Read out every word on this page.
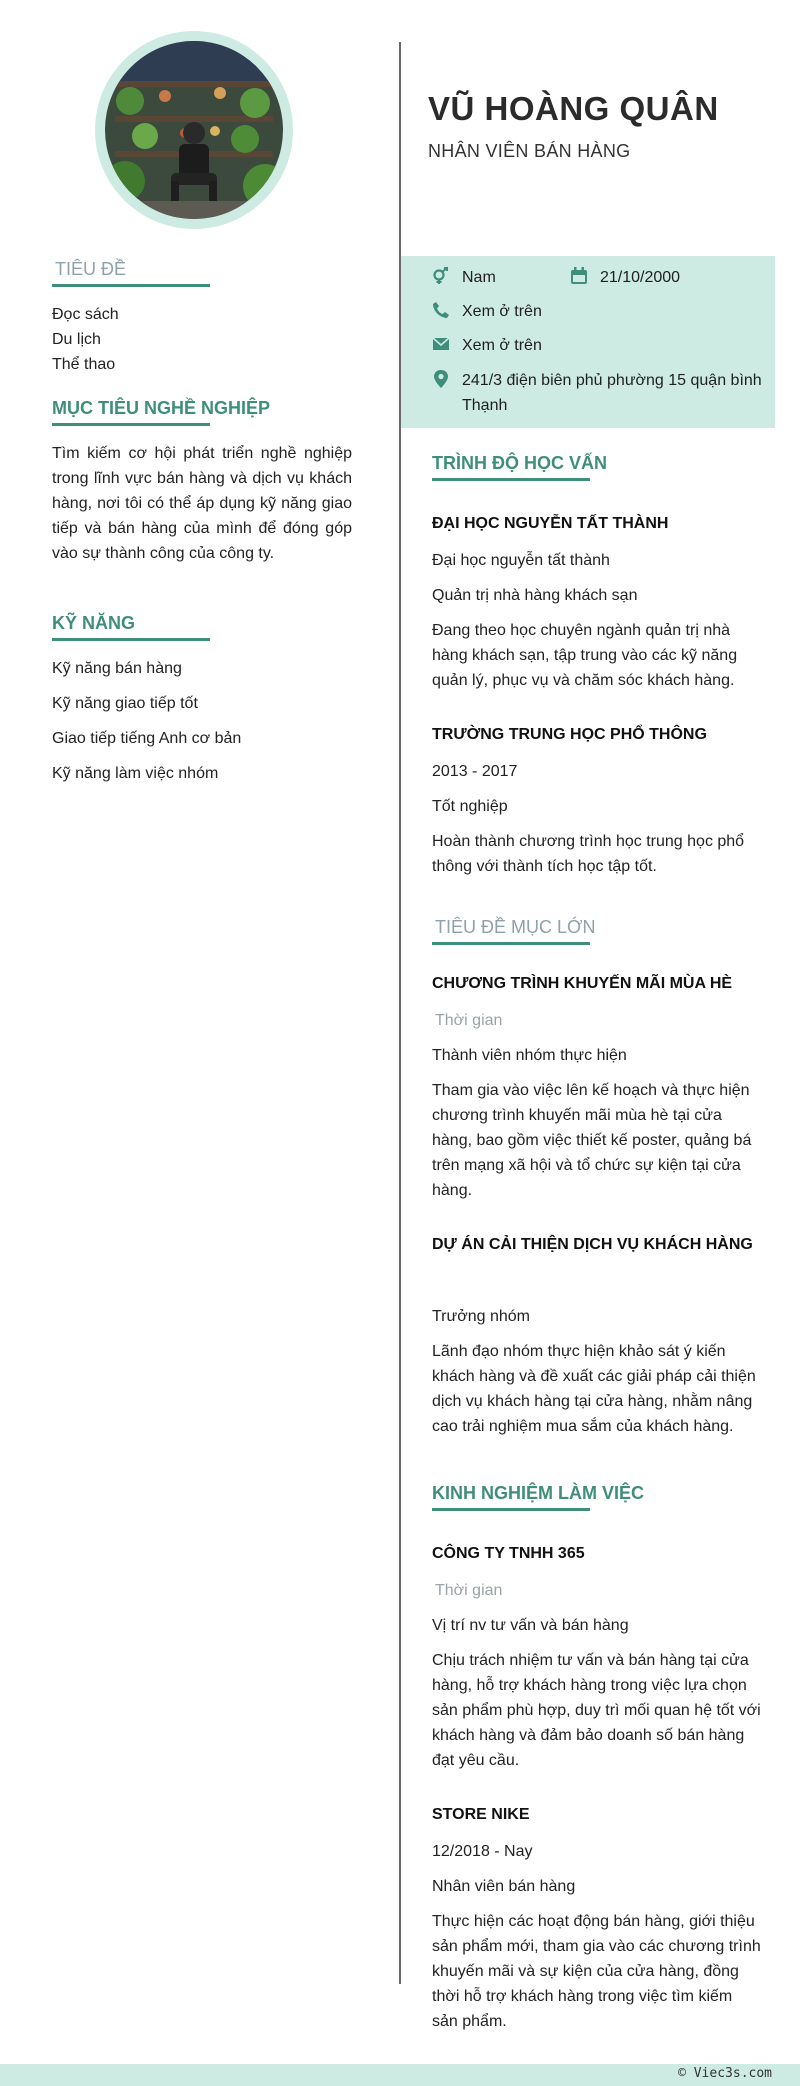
TIÊU ĐỀ
Đọc sách
Du lịch
Thể thao
MỤC TIÊU NGHỀ NGHIỆP
Tìm kiếm cơ hội phát triển nghề nghiệp trong lĩnh vực bán hàng và dịch vụ khách hàng, nơi tôi có thể áp dụng kỹ năng giao tiếp và bán hàng của mình để đóng góp vào sự thành công của công ty.
KỸ NĂNG
Kỹ năng bán hàng
Kỹ năng giao tiếp tốt
Giao tiếp tiếng Anh cơ bản
Kỹ năng làm việc nhóm
VŨ HOÀNG QUÂN
NHÂN VIÊN BÁN HÀNG
Nam	21/10/2000
Xem ở trên
Xem ở trên
241/3 điện biên phủ phường 15 quận bình Thạnh
TRÌNH ĐỘ HỌC VẤN
ĐẠI HỌC NGUYỄN TẤT THÀNH
Đại học nguyễn tất thành
Quản trị nhà hàng khách sạn
Đang theo học chuyên ngành quản trị nhà hàng khách sạn, tập trung vào các kỹ năng quản lý, phục vụ và chăm sóc khách hàng.
TRƯỜNG TRUNG HỌC PHỔ THÔNG
2013 - 2017
Tốt nghiệp
Hoàn thành chương trình học trung học phổ thông với thành tích học tập tốt.
TIÊU ĐỀ MỤC LỚN
CHƯƠNG TRÌNH KHUYẾN MÃI MÙA HÈ
Thời gian
Thành viên nhóm thực hiện
Tham gia vào việc lên kế hoạch và thực hiện chương trình khuyến mãi mùa hè tại cửa hàng, bao gồm việc thiết kế poster, quảng bá trên mạng xã hội và tổ chức sự kiện tại cửa hàng.
DỰ ÁN CẢI THIỆN DỊCH VỤ KHÁCH HÀNG
Trưởng nhóm
Lãnh đạo nhóm thực hiện khảo sát ý kiến khách hàng và đề xuất các giải pháp cải thiện dịch vụ khách hàng tại cửa hàng, nhằm nâng cao trải nghiệm mua sắm của khách hàng.
KINH NGHIỆM LÀM VIỆC
CÔNG TY TNHH 365
Thời gian
Vị trí nv tư vấn và bán hàng
Chịu trách nhiệm tư vấn và bán hàng tại cửa hàng, hỗ trợ khách hàng trong việc lựa chọn sản phẩm phù hợp, duy trì mối quan hệ tốt với khách hàng và đảm bảo doanh số bán hàng đạt yêu cầu.
STORE NIKE
12/2018 - Nay
Nhân viên bán hàng
Thực hiện các hoạt động bán hàng, giới thiệu sản phẩm mới, tham gia vào các chương trình khuyến mãi và sự kiện của cửa hàng, đồng thời hỗ trợ khách hàng trong việc tìm kiếm sản phẩm.
© Viec3s.com
